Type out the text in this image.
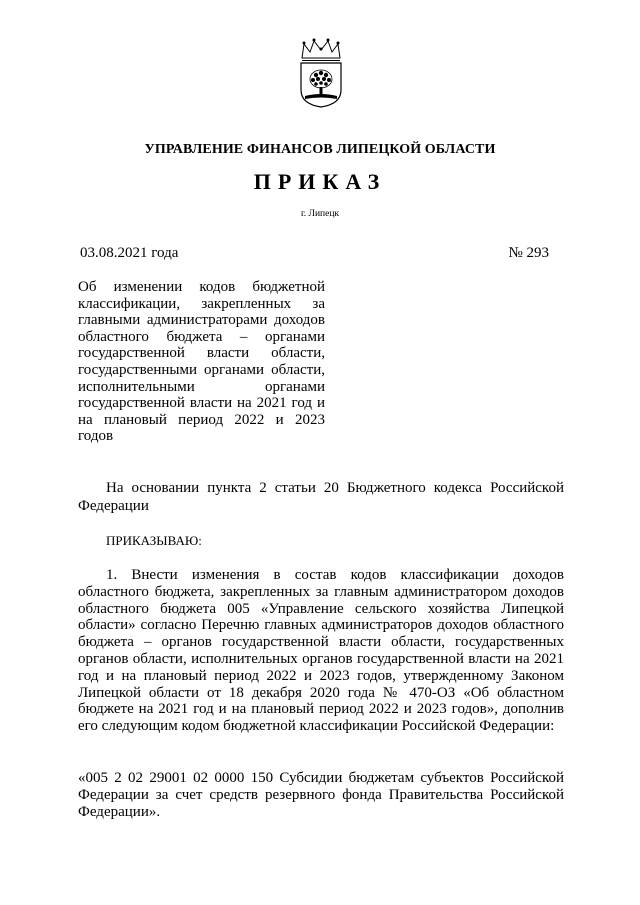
УПРАВЛЕНИЕ ФИНАНСОВ ЛИПЕЦКОЙ ОБЛАСТИ
ПРИКАЗ
г. Липецк
03.08.2021 года	№ 293
Об изменении кодов бюджетной классификации, закрепленных за главными администраторами доходов областного бюджета – органами государственной власти области, государственными органами области, исполнительными органами государственной власти на 2021 год и на плановый период 2022 и 2023 годов
На основании пункта 2 статьи 20 Бюджетного кодекса Российской Федерации
ПРИКАЗЫВАЮ:
1. Внести изменения в состав кодов классификации доходов областного бюджета, закрепленных за главным администратором доходов областного бюджета 005 «Управление сельского хозяйства Липецкой области» согласно Перечню главных администраторов доходов областного бюджета – органов государственной власти области, государственных органов области, исполнительных органов государственной власти на 2021 год и на плановый период 2022 и 2023 годов, утвержденному Законом Липецкой области от 18 декабря 2020 года № 470-ОЗ «Об областном бюджете на 2021 год и на плановый период 2022 и 2023 годов», дополнив его следующим кодом бюджетной классификации Российской Федерации:
«005 2 02 29001 02 0000 150 Субсидии бюджетам субъектов Российской Федерации за счет средств резервного фонда Правительства Российской Федерации».
